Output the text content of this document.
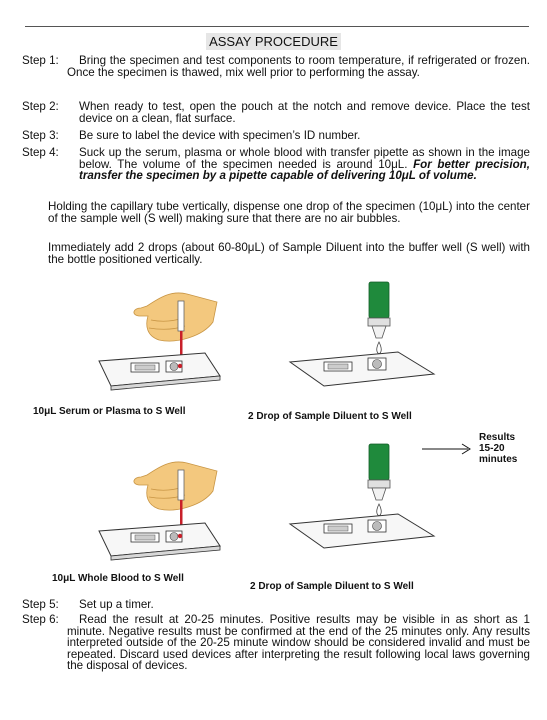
ASSAY PROCEDURE
Step 1:	Bring the specimen and test components to room temperature, if refrigerated or frozen. Once the specimen is thawed, mix well prior to performing the assay.
Step 2:	When ready to test, open the pouch at the notch and remove device. Place the test device on a clean, flat surface.
Step 3:	Be sure to label the device with specimen’s ID number.
Step 4:	Suck up the serum, plasma or whole blood with transfer pipette as shown in the image below. The volume of the specimen needed is around 10μL. For better precision, transfer the specimen by a pipette capable of delivering 10μL of volume.
Holding the capillary tube vertically, dispense one drop of the specimen (10μL) into the center of the sample well (S well) making sure that there are no air bubbles.
Immediately add 2 drops (about 60-80μL) of Sample Diluent into the buffer well (S well) with the bottle positioned vertically.
10μL Serum or Plasma to S Well	2 Drop of Sample Diluent to S Well
Results
15-20
minutes
10μL Whole Blood to S Well
2 Drop of Sample Diluent to S Well
Step 5:	Set up a timer.
Step 6:	Read the result at 20-25 minutes. Positive results may be visible in as short as 1 minute. Negative results must be confirmed at the end of the 25 minutes only. Any results interpreted outside of the 20-25 minute window should be considered invalid and must be repeated. Discard used devices after interpreting the result following local laws governing the disposal of devices.
